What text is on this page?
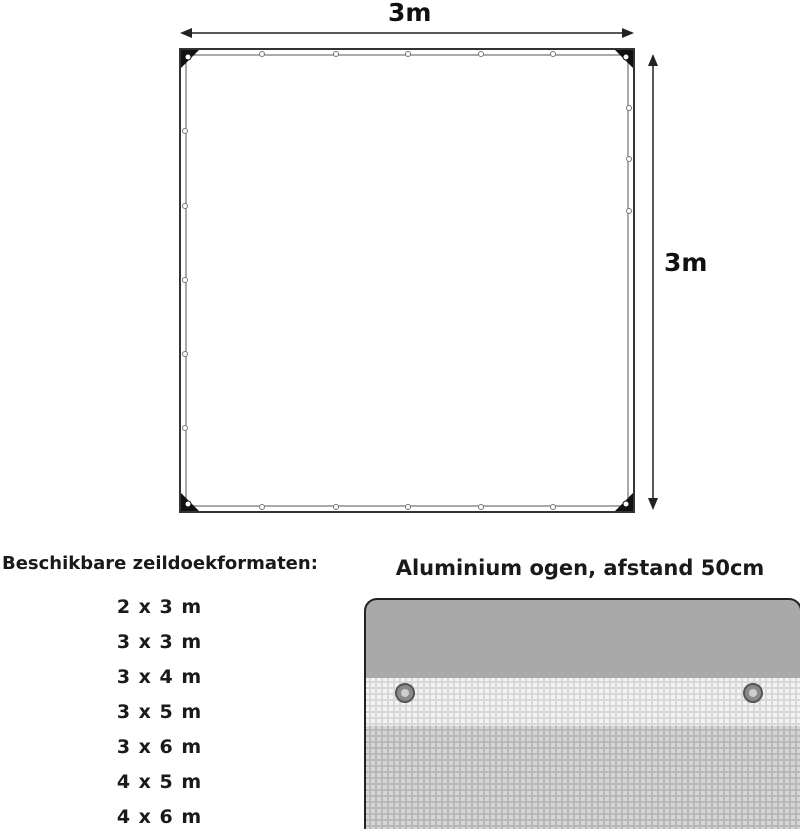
3m
3m
Beschikbare zeildoekformaten:
2 x 3 m
3 x 3 m
3 x 4 m
3 x 5 m
3 x 6 m
4 x 5 m
4 x 6 m
Aluminium ogen, afstand 50cm
